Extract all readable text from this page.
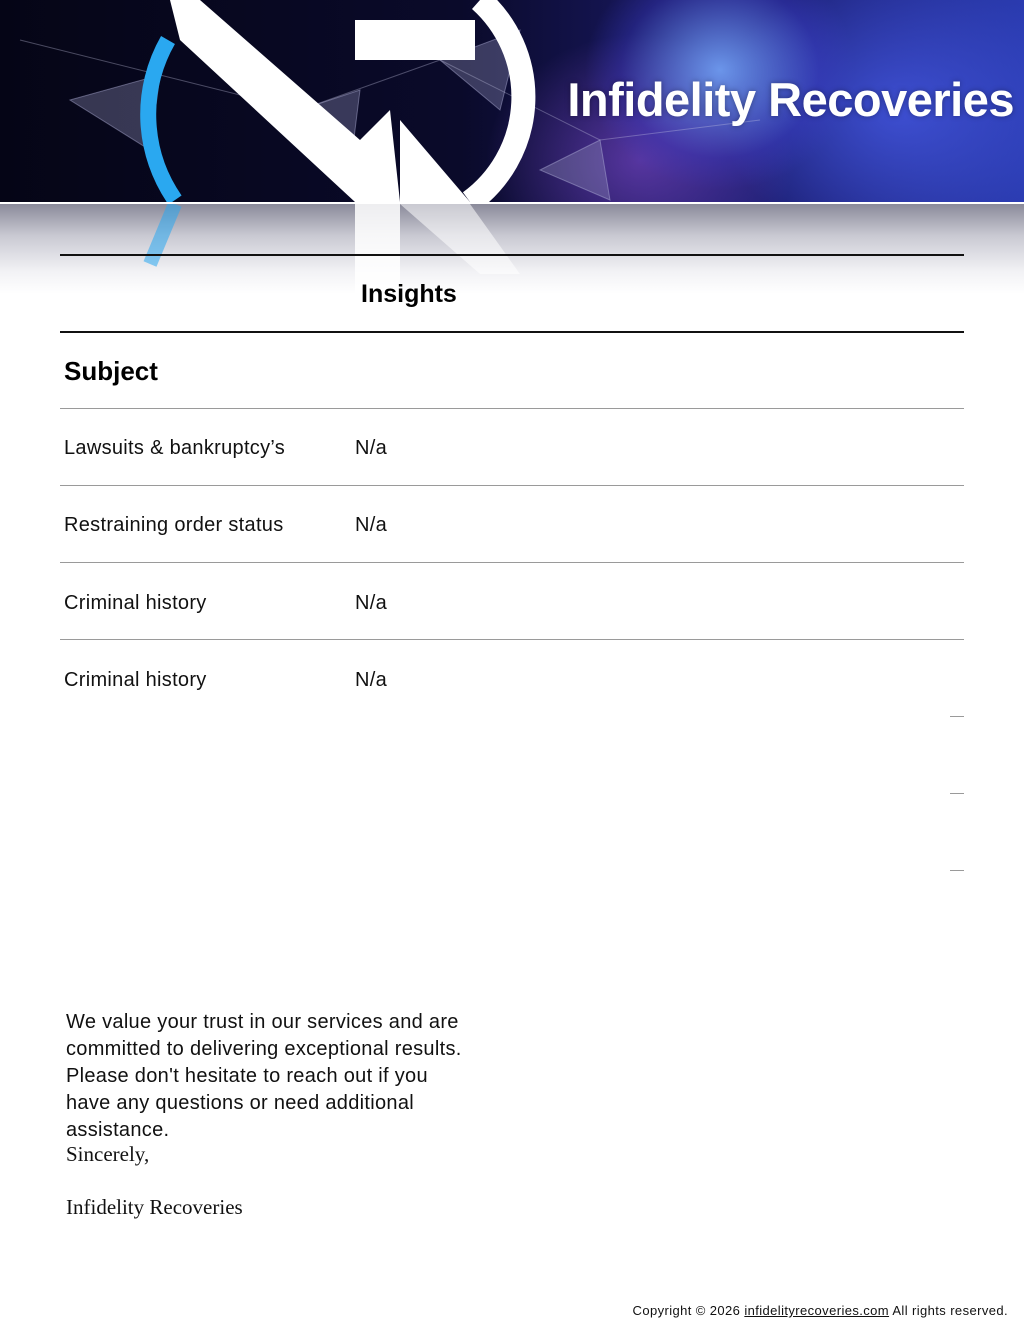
Infidelity Recoveries
Insights
Subject
Lawsuits & bankruptcy’s	N/a
Restraining order status	N/a
Criminal history	N/a
Criminal history	N/a
We value your trust in our services and are committed to delivering exceptional results. Please don't hesitate to reach out if you have any questions or need additional assistance.
Sincerely,
Infidelity Recoveries
Copyright © 2026 infidelityrecoveries.com All rights reserved.
